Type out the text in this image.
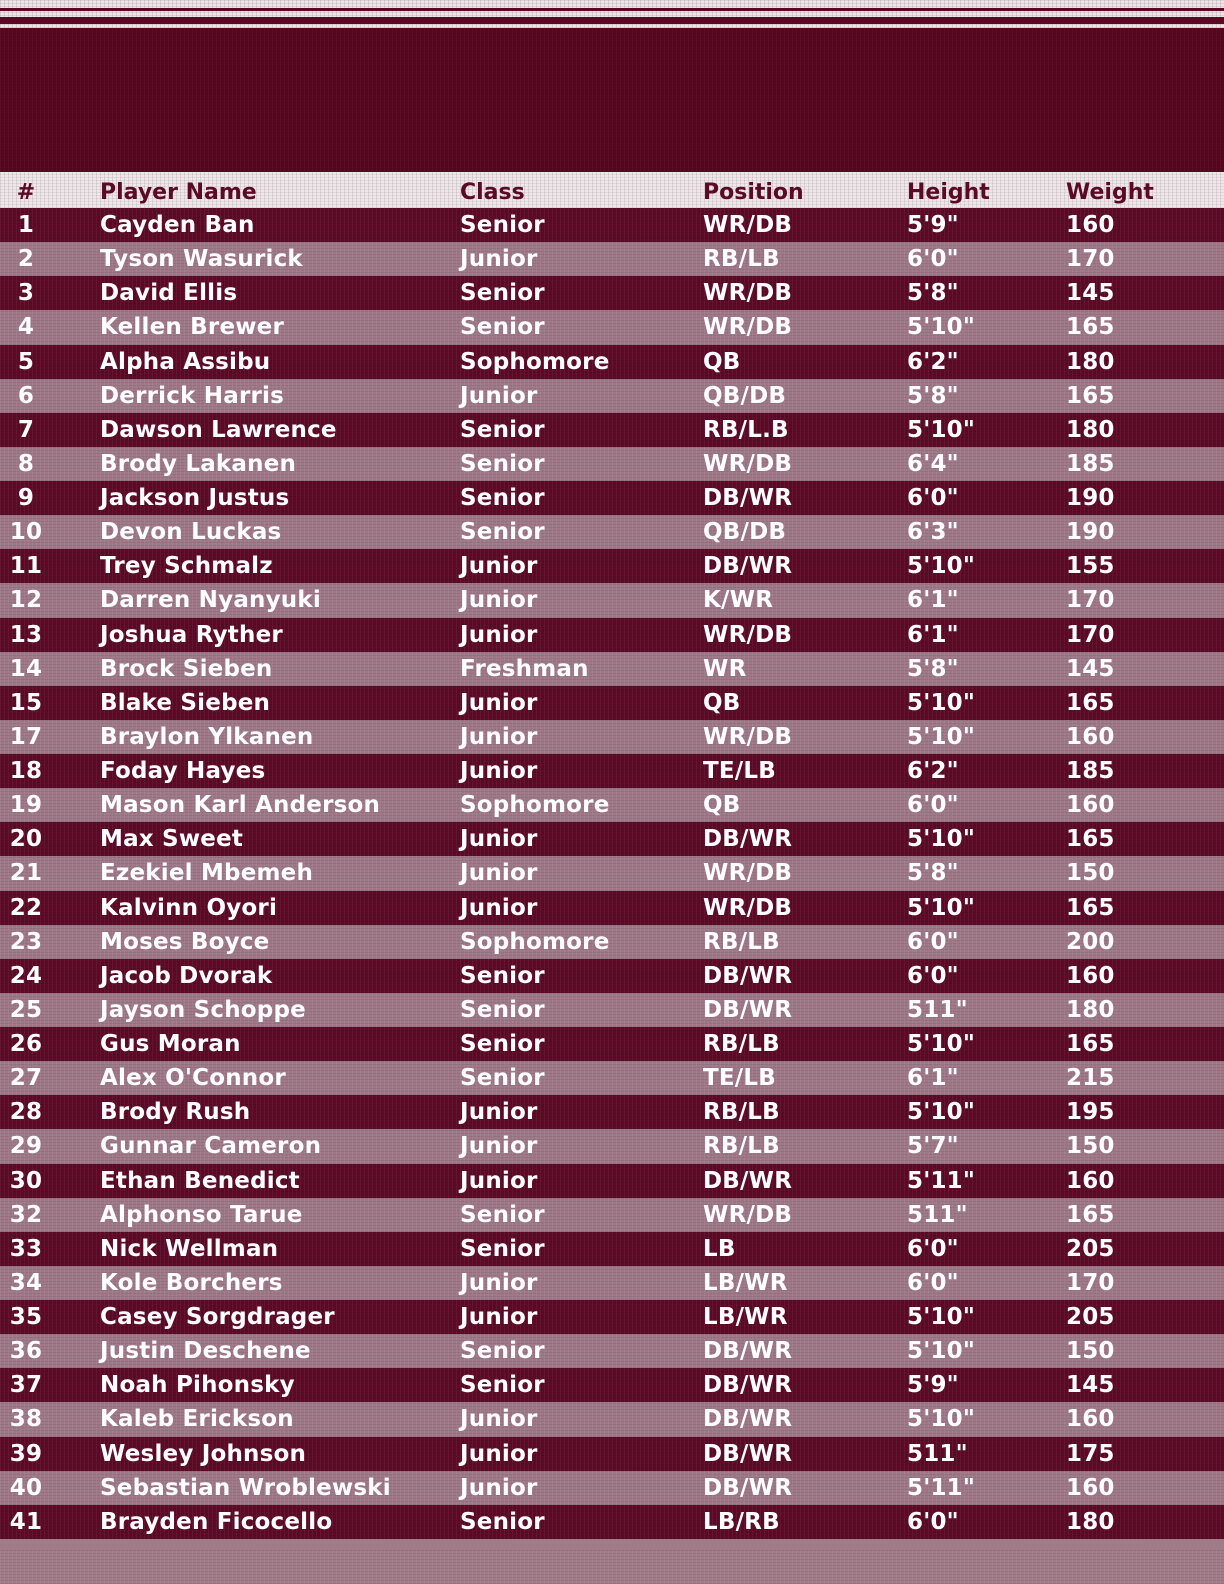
#	Player Name	Class	Position	Height	Weight
1	Cayden Ban	Senior	WR/DB	5'9"	160
2	Tyson Wasurick	Junior	RB/LB	6'0"	170
3	David Ellis	Senior	WR/DB	5'8"	145
4	Kellen Brewer	Senior	WR/DB	5'10"	165
5	Alpha Assibu	Sophomore	QB	6'2"	180
6	Derrick Harris	Junior	QB/DB	5'8"	165
7	Dawson Lawrence	Senior	RB/L.B	5'10"	180
8	Brody Lakanen	Senior	WR/DB	6'4"	185
9	Jackson Justus	Senior	DB/WR	6'0"	190
10	Devon Luckas	Senior	QB/DB	6'3"	190
11	Trey Schmalz	Junior	DB/WR	5'10"	155
12	Darren Nyanyuki	Junior	K/WR	6'1"	170
13	Joshua Ryther	Junior	WR/DB	6'1"	170
14	Brock Sieben	Freshman	WR	5'8"	145
15	Blake Sieben	Junior	QB	5'10"	165
17	Braylon Ylkanen	Junior	WR/DB	5'10"	160
18	Foday Hayes	Junior	TE/LB	6'2"	185
19	Mason Karl Anderson	Sophomore	QB	6'0"	160
20	Max Sweet	Junior	DB/WR	5'10"	165
21	Ezekiel Mbemeh	Junior	WR/DB	5'8"	150
22	Kalvinn Oyori	Junior	WR/DB	5'10"	165
23	Moses Boyce	Sophomore	RB/LB	6'0"	200
24	Jacob Dvorak	Senior	DB/WR	6'0"	160
25	Jayson Schoppe	Senior	DB/WR	511"	180
26	Gus Moran	Senior	RB/LB	5'10"	165
27	Alex O'Connor	Senior	TE/LB	6'1"	215
28	Brody Rush	Junior	RB/LB	5'10"	195
29	Gunnar Cameron	Junior	RB/LB	5'7"	150
30	Ethan Benedict	Junior	DB/WR	5'11"	160
32	Alphonso Tarue	Senior	WR/DB	511"	165
33	Nick Wellman	Senior	LB	6'0"	205
34	Kole Borchers	Junior	LB/WR	6'0"	170
35	Casey Sorgdrager	Junior	LB/WR	5'10"	205
36	Justin Deschene	Senior	DB/WR	5'10"	150
37	Noah Pihonsky	Senior	DB/WR	5'9"	145
38	Kaleb Erickson	Junior	DB/WR	5'10"	160
39	Wesley Johnson	Junior	DB/WR	511"	175
40	Sebastian Wroblewski	Junior	DB/WR	5'11"	160
41	Brayden Ficocello	Senior	LB/RB	6'0"	180
